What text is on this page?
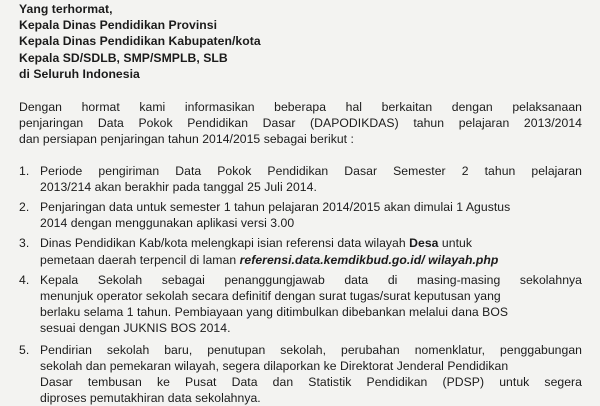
Yang terhormat,
Kepala Dinas Pendidikan Provinsi
Kepala Dinas Pendidikan Kabupaten/kota
Kepala SD/SDLB, SMP/SMPLB, SLB
di Seluruh Indonesia
Dengan hormat kami informasikan beberapa hal berkaitan dengan pelaksanaan
penjaringan Data Pokok Pendidikan Dasar (DAPODIKDAS) tahun pelajaran 2013/2014
dan persiapan penjaringan tahun 2014/2015 sebagai berikut :
1. Periode pengiriman Data Pokok Pendidikan Dasar Semester 2 tahun pelajaran
2013/214 akan berakhir pada tanggal 25 Juli 2014.
2. Penjaringan data untuk semester 1 tahun pelajaran 2014/2015 akan dimulai 1 Agustus
2014 dengan menggunakan aplikasi versi 3.00
3. Dinas Pendidikan Kab/kota melengkapi isian referensi data wilayah Desa untuk
pemetaan daerah terpencil di laman referensi.data.kemdikbud.go.id/ wilayah.php
4. Kepala Sekolah sebagai penanggungjawab data di masing-masing sekolahnya
menunjuk operator sekolah secara definitif dengan surat tugas/surat keputusan yang
berlaku selama 1 tahun. Pembiayaan yang ditimbulkan dibebankan melalui dana BOS
sesuai dengan JUKNIS BOS 2014.
5. Pendirian sekolah baru, penutupan sekolah, perubahan nomenklatur, penggabungan
sekolah dan pemekaran wilayah, segera dilaporkan ke Direktorat Jenderal Pendidikan
Dasar tembusan ke Pusat Data dan Statistik Pendidikan (PDSP) untuk segera
diproses pemutakhiran data sekolahnya.
